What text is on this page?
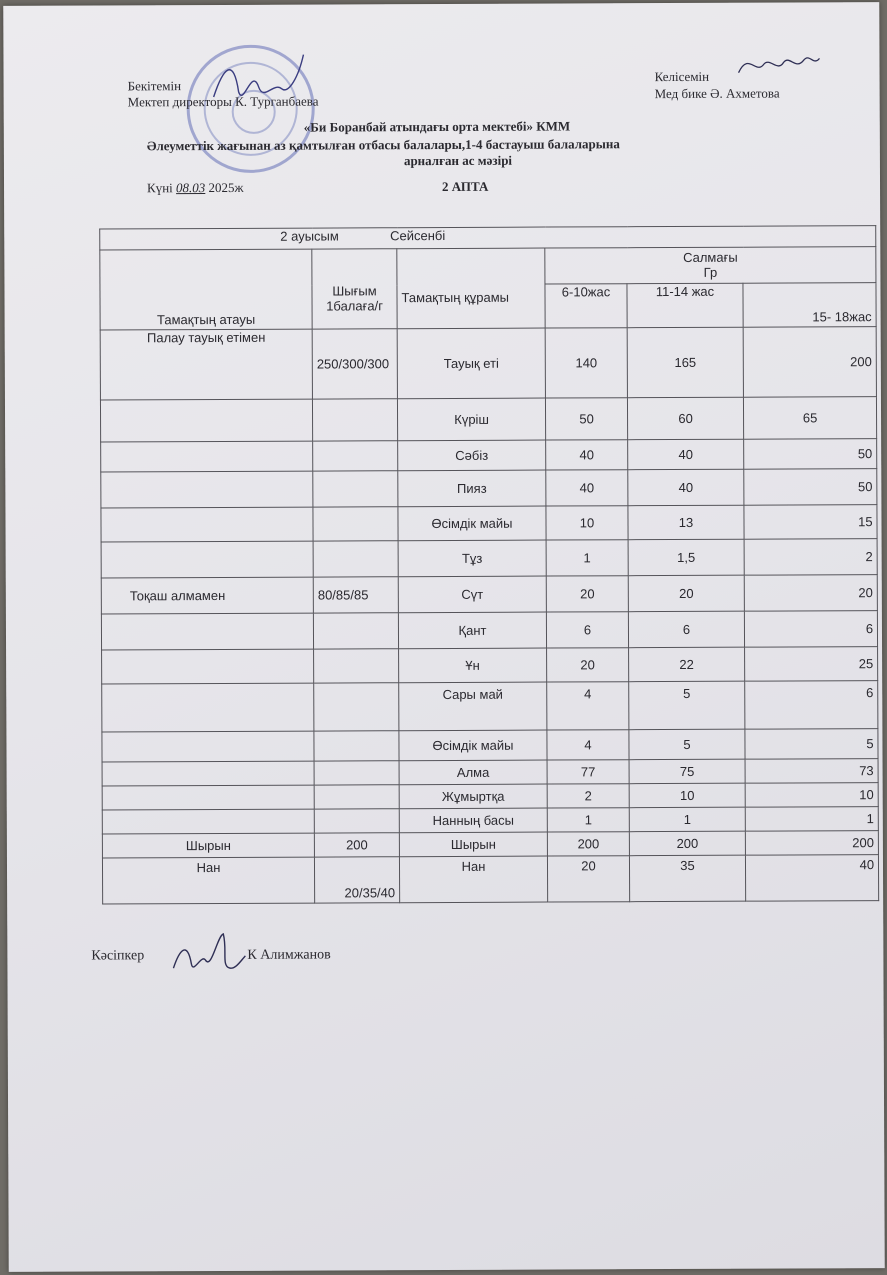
Бекітемін
Мектеп директоры К. Турганбаева
Келісемін
Мед бике Ә. Ахметова
«Би Боранбай атындағы орта мектебі» КММ
Әлеуметтік жағынан аз қамтылған отбасы балалары,1-4 бастауыш балаларына
арналған ас мәзірі
Күні 08.03 2025ж	2 АПТА
2 ауысым Сейсенбі					
Тамақтың атауы	Шығым 1балаға/г	Тамақтың құрамы	Салмағы
Гр		

			6-10жас	11-14 жас	15- 18жас
Палау тауық етімен	250/300/300	Тауық еті	140	165	200
		Күріш	50	60	65
		Сәбіз	40	40	50
		Пияз	40	40	50
		Өсімдік майы	10	13	15
		Тұз	1	1,5	2
Тоқаш алмамен	80/85/85	Сүт	20	20	20
		Қант	6	6	6
		Ұн	20	22	25
		Сары май	4	5	6
		Өсімдік майы	4	5	5
		Алма	77	75	73
		Жұмыртқа	2	10	10
		Нанның басы	1	1	1
Шырын	200	Шырын	200	200	200
Нан	20/35/40	Нан	20	35	40
Кәсіпкер	К Алимжанов
